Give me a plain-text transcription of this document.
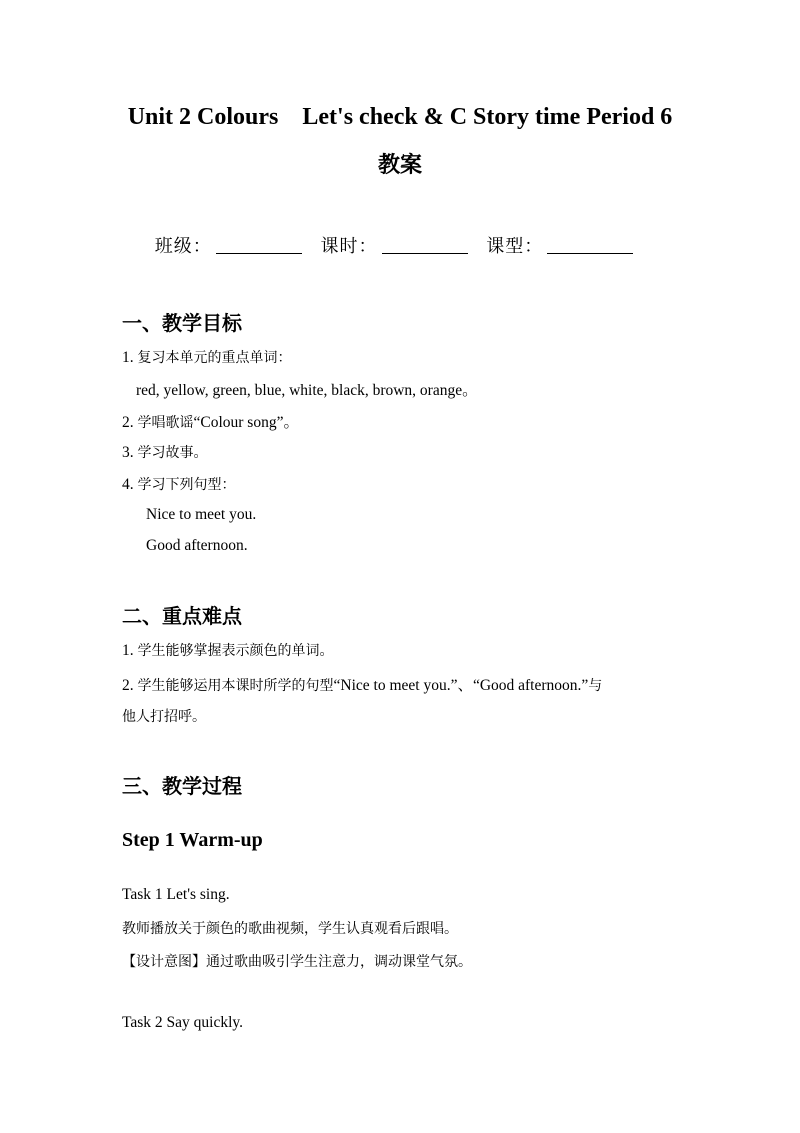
Unit 2 Colours    Let's check & C Story time Period 6
教案
班级：	课时：	课型：
一、教学目标
1. 复习本单元的重点单词：
red, yellow, green, blue, white, black, brown, orange。
2. 学唱歌谣“Colour song”。
3. 学习故事。
4. 学习下列句型：
Nice to meet you.
Good afternoon.
二、重点难点
1. 学生能够掌握表示颜色的单词。
2. 学生能够运用本课时所学的句型“Nice to meet you.”、“Good afternoon.”与
他人打招呼。
三、教学过程
Step 1 Warm-up
Task 1 Let's sing.
教师播放关于颜色的歌曲视频，学生认真观看后跟唱。
【设计意图】通过歌曲吸引学生注意力，调动课堂气氛。
Task 2 Say quickly.
